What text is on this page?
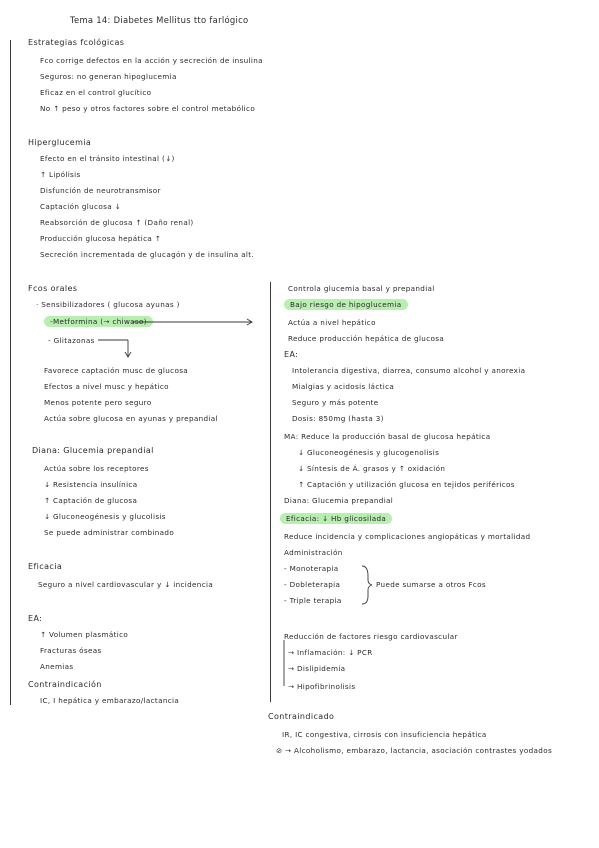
Tema 14: Diabetes Mellitus tto farlógico
Estrategias fcológicas
Fco corrige defectos en la acción y secreción de insulina
Seguros: no generan hipoglucemia
Eficaz en el control glucítico
No ↑ peso y otros factores sobre el control metabólico
Hiperglucemia
Efecto en el tránsito intestinal (↓)
↑ Lipólisis
Disfunción de neurotransmisor
Captación glucosa ↓
Reabsorción de glucosa ↑ (Daño renal)
Producción glucosa hepática ↑
Secreción incrementada de glucagón y de insulina alt.
Fcos orales
· Sensibilizadores ( glucosa ayunas )
-Metformina (→ chiwaso)
- Glitazonas
Favorece captación musc de glucosa
Efectos a nivel musc y hepático
Menos potente pero seguro
Actúa sobre glucosa en ayunas y prepandial
Diana: Glucemia prepandial
Actúa sobre los receptores
↓ Resistencia insulínica
↑ Captación de glucosa
↓ Gluconeogénesis y glucolisis
Se puede administrar combinado
Eficacia
Seguro a nivel cardiovascular y ↓ incidencia
EA:
↑ Volumen plasmático
Fracturas óseas
Anemias
Contraindicación
IC, I hepática y embarazo/lactancia
Controla glucemia basal y prepandial
Bajo riesgo de hipoglucemia
Actúa a nivel hepático
Reduce producción hepática de glucosa
EA:
Intolerancia digestiva, diarrea, consumo alcohol y anorexia
Mialgias y acidosis láctica
Seguro y más potente
Dosis: 850mg (hasta 3)
MA: Reduce la producción basal de glucosa hepática
↓ Gluconeogénesis y glucogenolisis
↓ Síntesis de Á. grasos y ↑ oxidación
↑ Captación y utilización glucosa en tejidos periféricos
Diana: Glucemia prepandial
Eficacia: ↓ Hb glicosilada
Reduce incidencia y complicaciones angiopáticas y mortalidad
Administración
- Monoterapia
- Dobleterapia
- Triple terapia
Puede sumarse a otros Fcos
Reducción de factores riesgo cardiovascular
→ Inflamación: ↓ PCR
→ Dislipidemia
→ Hipofibrinolisis
Contraindicado
IR, IC congestiva, cirrosis con insuficiencia hepática
⊘ → Alcoholismo, embarazo, lactancia, asociación contrastes yodados
